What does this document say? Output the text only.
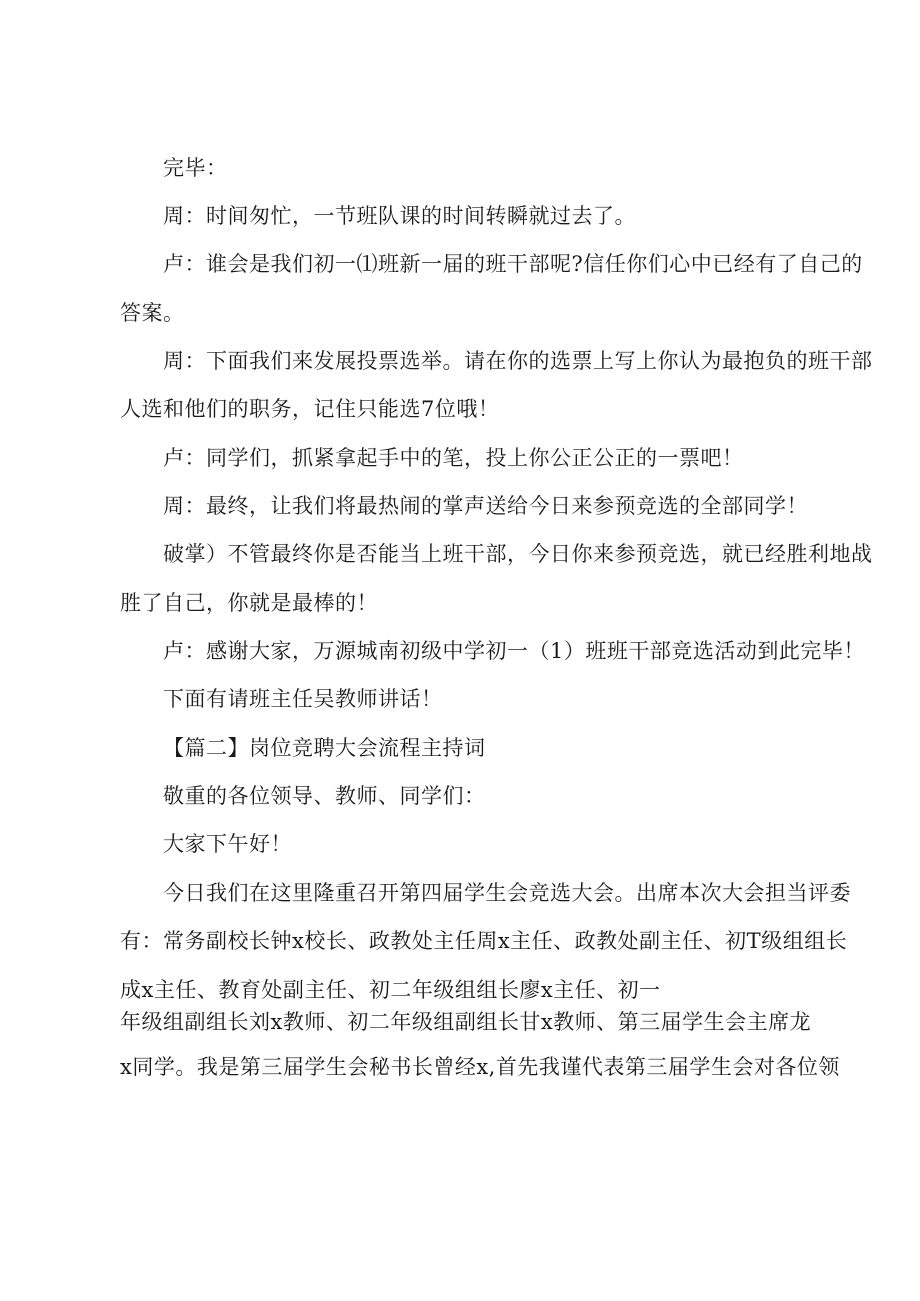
完毕：
周：时间匆忙，一节班队课的时间转瞬就过去了。
卢：谁会是我们初一⑴班新一届的班干部呢?信任你们心中已经有了自己的
答案。
周：下面我们来发展投票选举。请在你的选票上写上你认为最抱负的班干部
人选和他们的职务，记住只能选7位哦！
卢：同学们，抓紧拿起手中的笔，投上你公正公正的一票吧！
周：最终，让我们将最热闹的掌声送给今日来参预竞选的全部同学！
破掌）不管最终你是否能当上班干部，今日你来参预竞选，就已经胜利地战
胜了自己，你就是最棒的！
卢：感谢大家，万源城南初级中学初一（1）班班干部竞选活动到此完毕！
下面有请班主任吴教师讲话！
【篇二】岗位竞聘大会流程主持词
敬重的各位领导、教师、同学们：
大家下午好！
今日我们在这里隆重召开第四届学生会竞选大会。出席本次大会担当评委
有：常务副校长钟x校长、政教处主任周x主任、政教处副主任、初T级组组长
成x主任、教育处副主任、初二年级组组长廖x主任、初一
年级组副组长刘x教师、初二年级组副组长甘x教师、第三届学生会主席龙
x同学。我是第三届学生会秘书长曾经x,首先我谨代表第三届学生会对各位领
